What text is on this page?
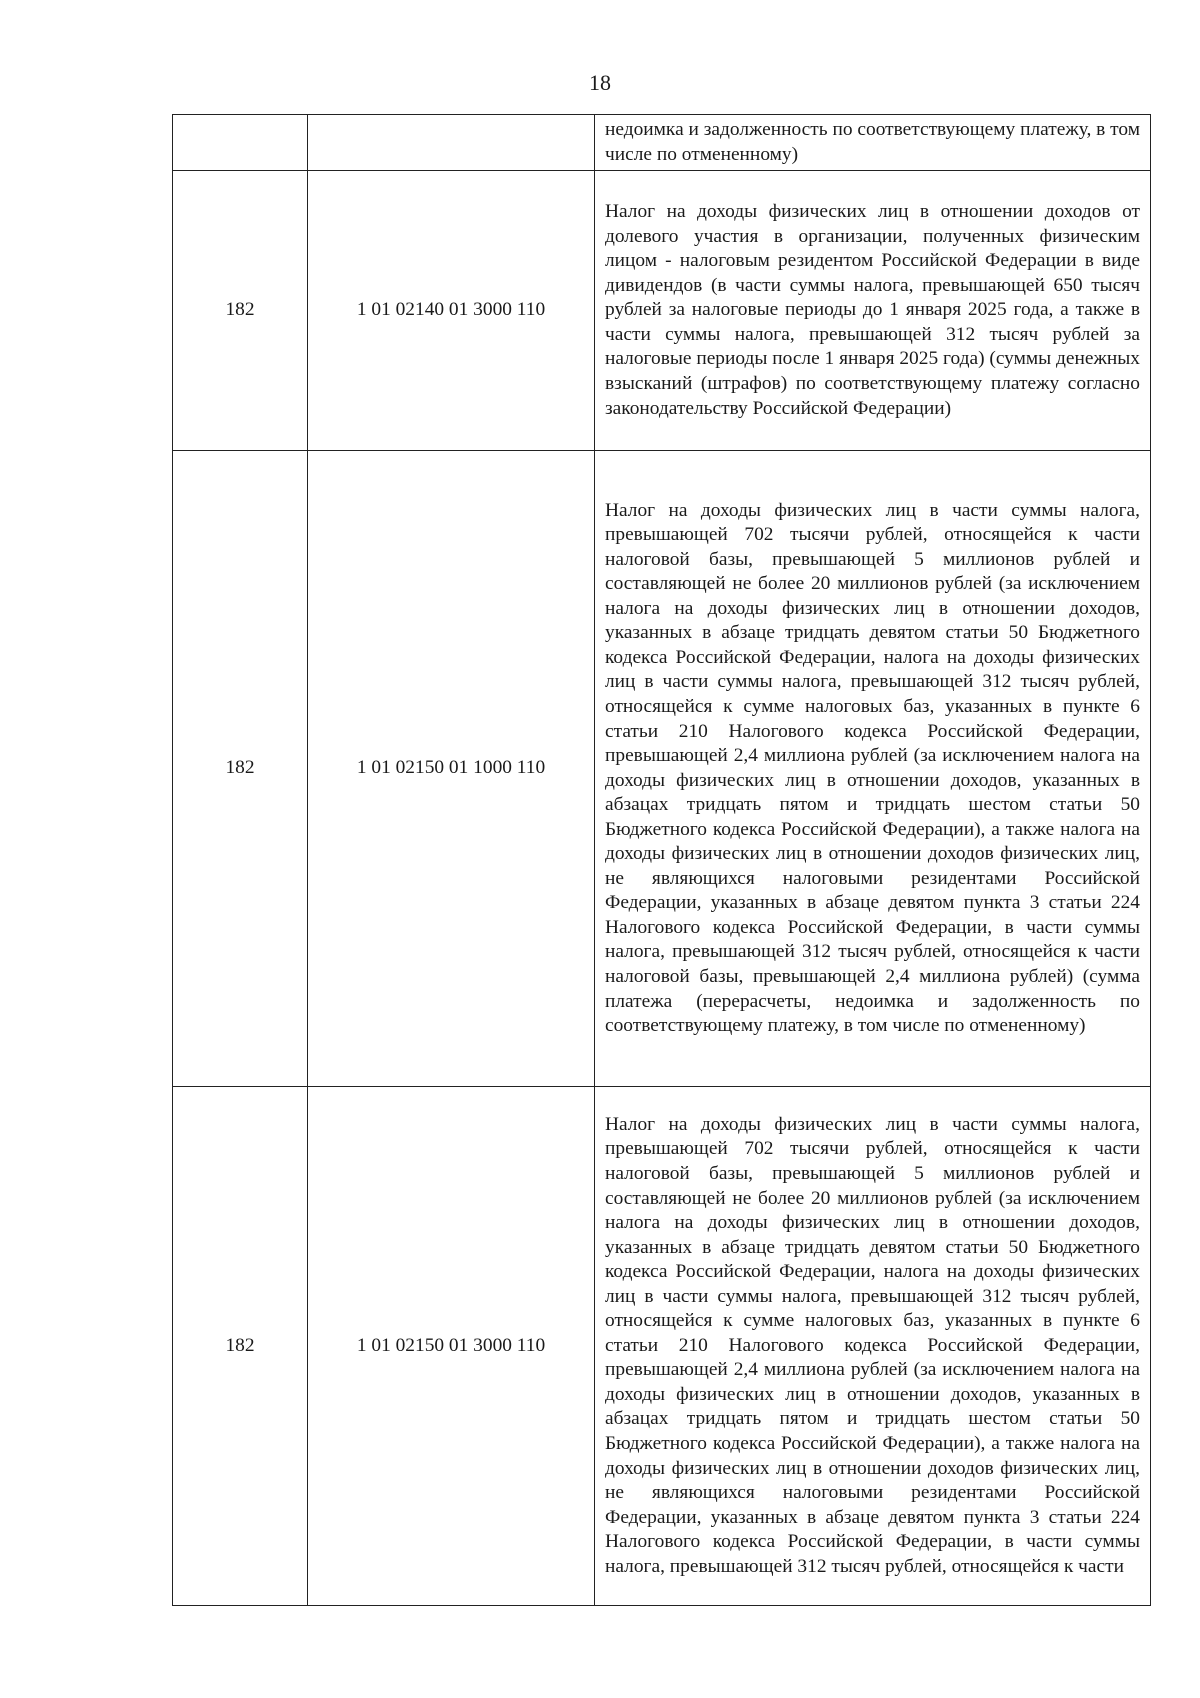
18
		недоимка и задолженность по соответствующему платежу, в том числе по отмененному)
182	1 01 02140 01 3000 110	Налог на доходы физических лиц в отношении доходов от долевого участия в организации, полученных физическим лицом - налоговым резидентом Российской Федерации в виде дивидендов (в части суммы налога, превышающей 650 тысяч рублей за налоговые периоды до 1 января 2025 года, а также в части суммы налога, превышающей 312 тысяч рублей за налоговые периоды после 1 января 2025 года) (суммы денежных взысканий (штрафов) по соответствующему платежу согласно законодательству Российской Федерации)
182	1 01 02150 01 1000 110	Налог на доходы физических лиц в части суммы налога, превышающей 702 тысячи рублей, относящейся к части налоговой базы, превышающей 5 миллионов рублей и составляющей не более 20 миллионов рублей (за исключением налога на доходы физических лиц в отношении доходов, указанных в абзаце тридцать девятом статьи 50 Бюджетного кодекса Российской Федерации, налога на доходы физических лиц в части суммы налога, превышающей 312 тысяч рублей, относящейся к сумме налоговых баз, указанных в пункте 6 статьи 210 Налогового кодекса Российской Федерации, превышающей 2,4 миллиона рублей (за исключением налога на доходы физических лиц в отношении доходов, указанных в абзацах тридцать пятом и тридцать шестом статьи 50 Бюджетного кодекса Российской Федерации), а также налога на доходы физических лиц в отношении доходов физических лиц, не являющихся налоговыми резидентами Российской Федерации, указанных в абзаце девятом пункта 3 статьи 224 Налогового кодекса Российской Федерации, в части суммы налога, превышающей 312 тысяч рублей, относящейся к части налоговой базы, превышающей 2,4 миллиона рублей) (сумма платежа (перерасчеты, недоимка и задолженность по соответствующему платежу, в том числе по отмененному)
182	1 01 02150 01 3000 110	Налог на доходы физических лиц в части суммы налога, превышающей 702 тысячи рублей, относящейся к части налоговой базы, превышающей 5 миллионов рублей и составляющей не более 20 миллионов рублей (за исключением налога на доходы физических лиц в отношении доходов, указанных в абзаце тридцать девятом статьи 50 Бюджетного кодекса Российской Федерации, налога на доходы физических лиц в части суммы налога, превышающей 312 тысяч рублей, относящейся к сумме налоговых баз, указанных в пункте 6 статьи 210 Налогового кодекса Российской Федерации, превышающей 2,4 миллиона рублей (за исключением налога на доходы физических лиц в отношении доходов, указанных в абзацах тридцать пятом и тридцать шестом статьи 50 Бюджетного кодекса Российской Федерации), а также налога на доходы физических лиц в отношении доходов физических лиц, не являющихся налоговыми резидентами Российской Федерации, указанных в абзаце девятом пункта 3 статьи 224 Налогового кодекса Российской Федерации, в части суммы налога, превышающей 312 тысяч рублей, относящейся к части
